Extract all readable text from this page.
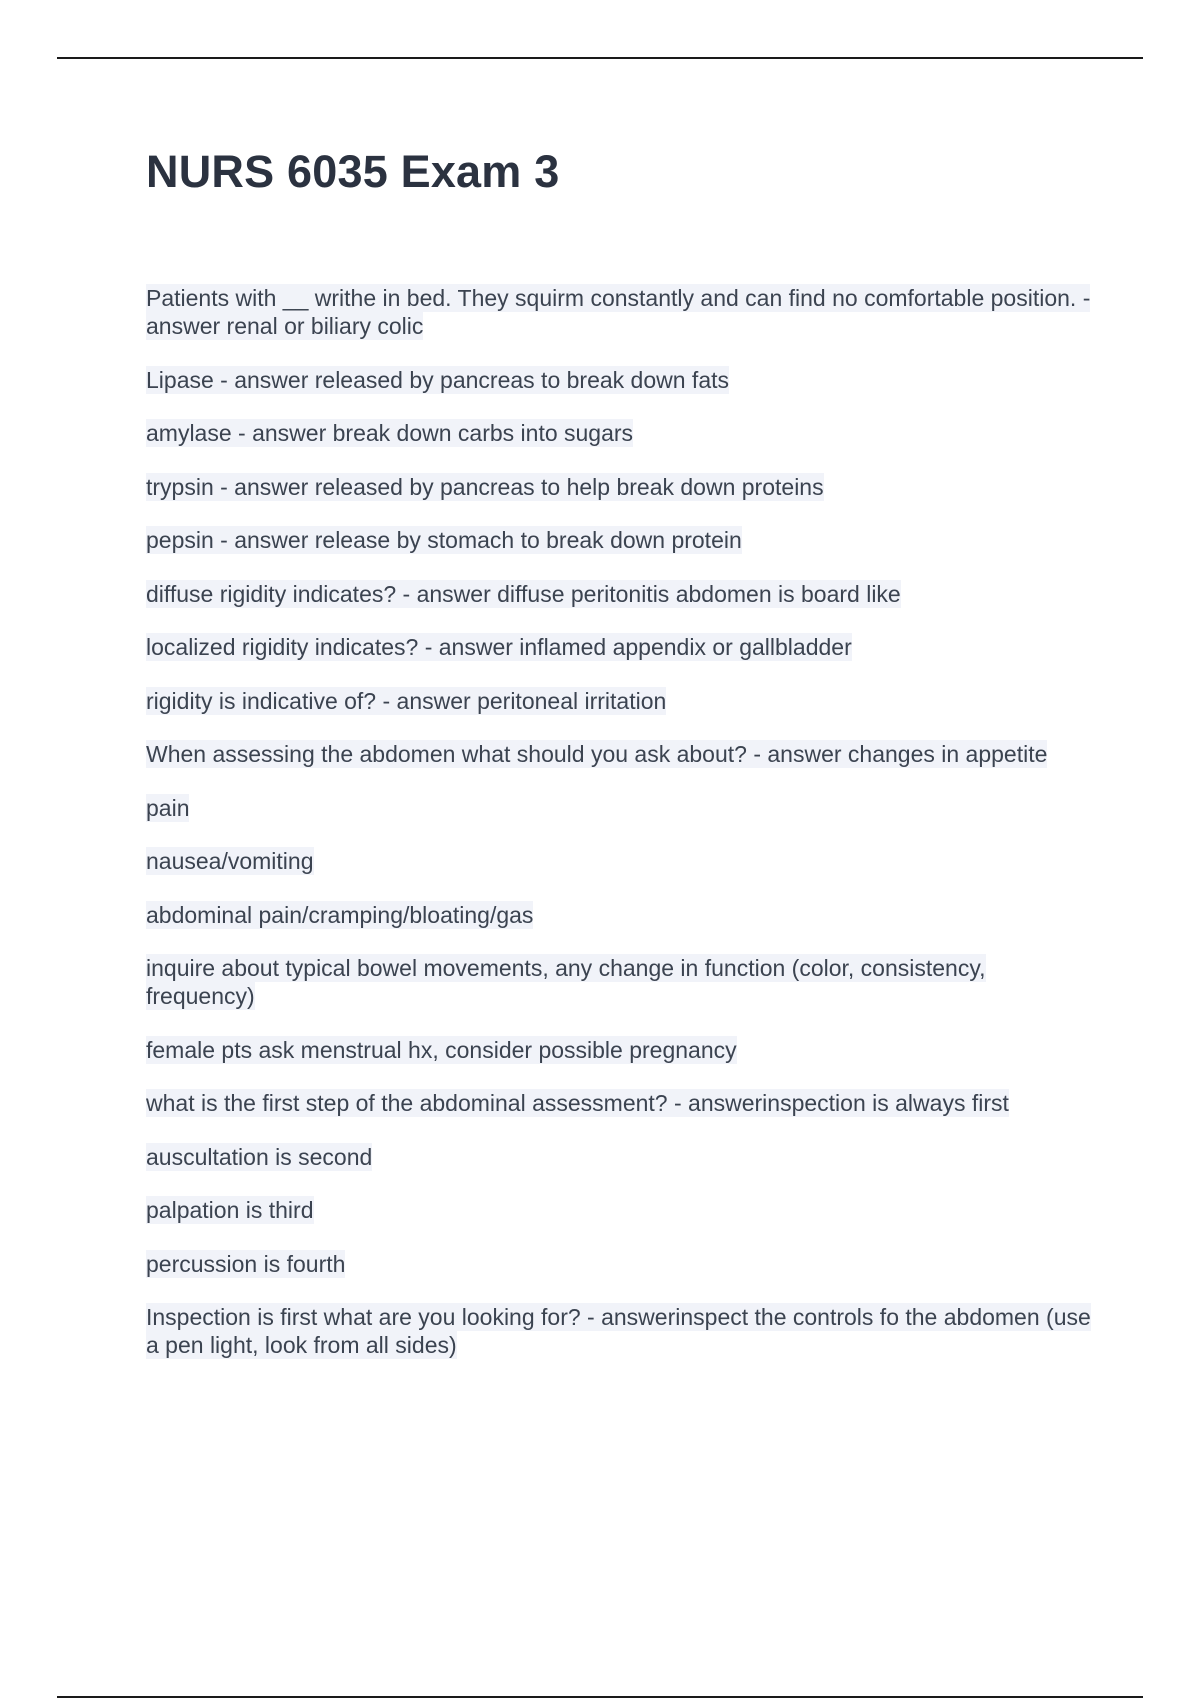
NURS 6035 Exam 3
Patients with __ writhe in bed. They squirm constantly and can find no comfortable position. - answer renal or biliary colic
Lipase - answer released by pancreas to break down fats
amylase - answer break down carbs into sugars
trypsin - answer released by pancreas to help break down proteins
pepsin - answer release by stomach to break down protein
diffuse rigidity indicates? - answer diffuse peritonitis abdomen is board like
localized rigidity indicates? - answer inflamed appendix or gallbladder
rigidity is indicative of? - answer peritoneal irritation
When assessing the abdomen what should you ask about? - answer changes in appetite
pain
nausea/vomiting
abdominal pain/cramping/bloating/gas
inquire about typical bowel movements, any change in function (color, consistency, frequency)
female pts ask menstrual hx, consider possible pregnancy
what is the first step of the abdominal assessment? - answerinspection is always first
auscultation is second
palpation is third
percussion is fourth
Inspection is first what are you looking for? - answerinspect the controls fo the abdomen (use a pen light, look from all sides)
